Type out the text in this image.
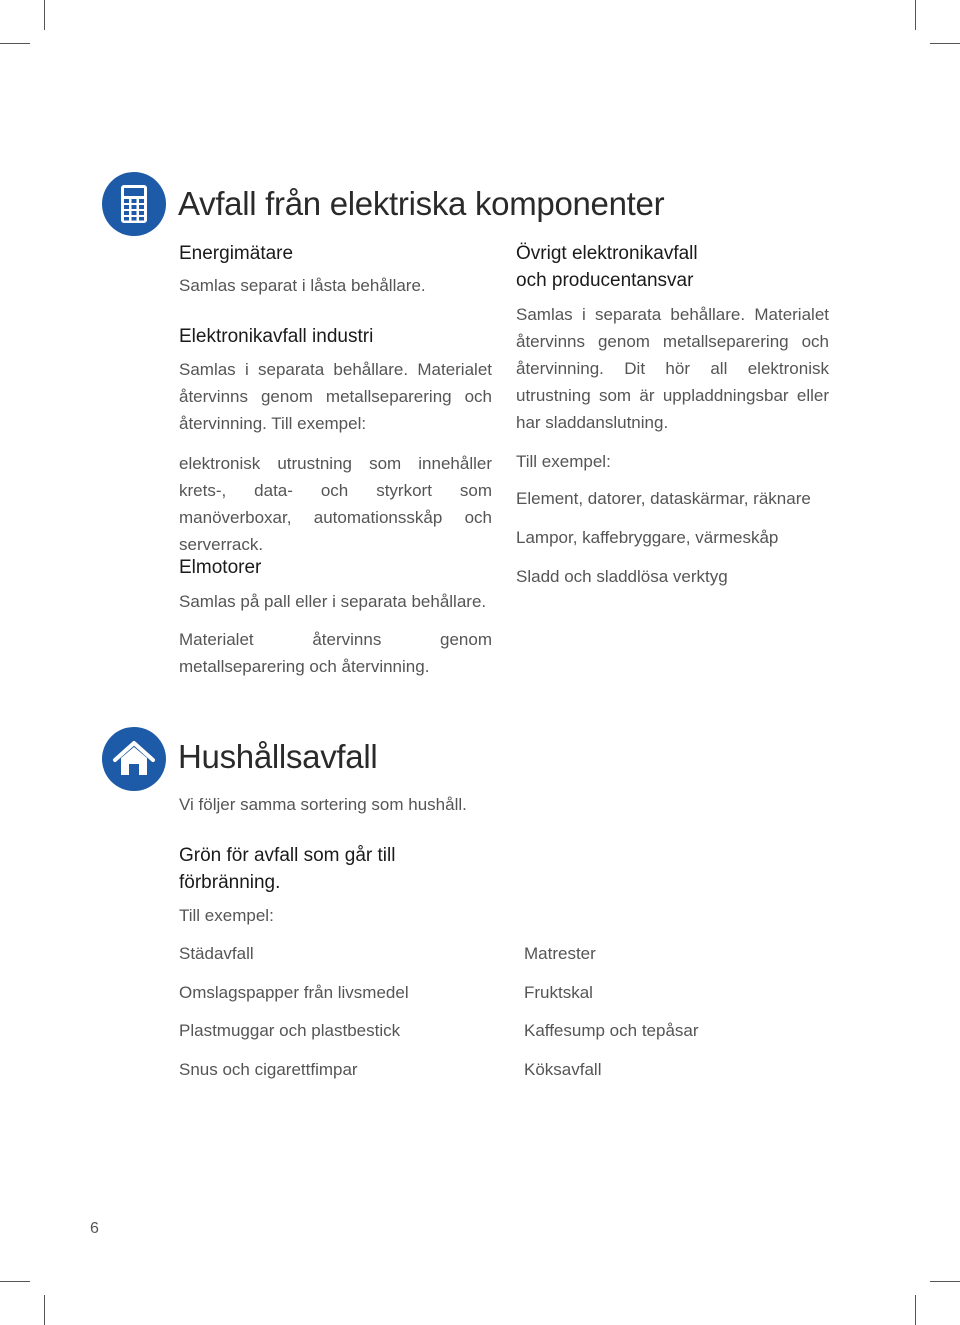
Avfall från elektriska komponenter
Energimätare
Samlas separat i låsta behållare.
Elektronikavfall industri
Samlas i separata behållare. Materialet återvinns genom metallseparering och återvinning. Till exempel:
elektronisk utrustning som innehåller krets-, data- och styrkort som manöverboxar, automationsskåp och serverrack.
Elmotorer
Samlas på pall eller i separata behållare.
Materialet återvinns genom metallseparering och återvinning.
Övrigt elektronikavfall
och producentansvar
Samlas i separata behållare. Materialet återvinns genom metallseparering och återvinning. Dit hör all elektronisk utrustning som är uppladdningsbar eller har sladdanslutning.
Till exempel:
Element, datorer, dataskärmar, räknare
Lampor, kaffebryggare, värmeskåp
Sladd och sladdlösa verktyg
Hushållsavfall
Vi följer samma sortering som hushåll.
Grön för avfall som går till
förbränning.
Till exempel:
Städavfall
Omslagspapper från livsmedel
Plastmuggar och plastbestick
Snus och cigarettfimpar
Matrester
Fruktskal
Kaffesump och tepåsar
Köksavfall
6
